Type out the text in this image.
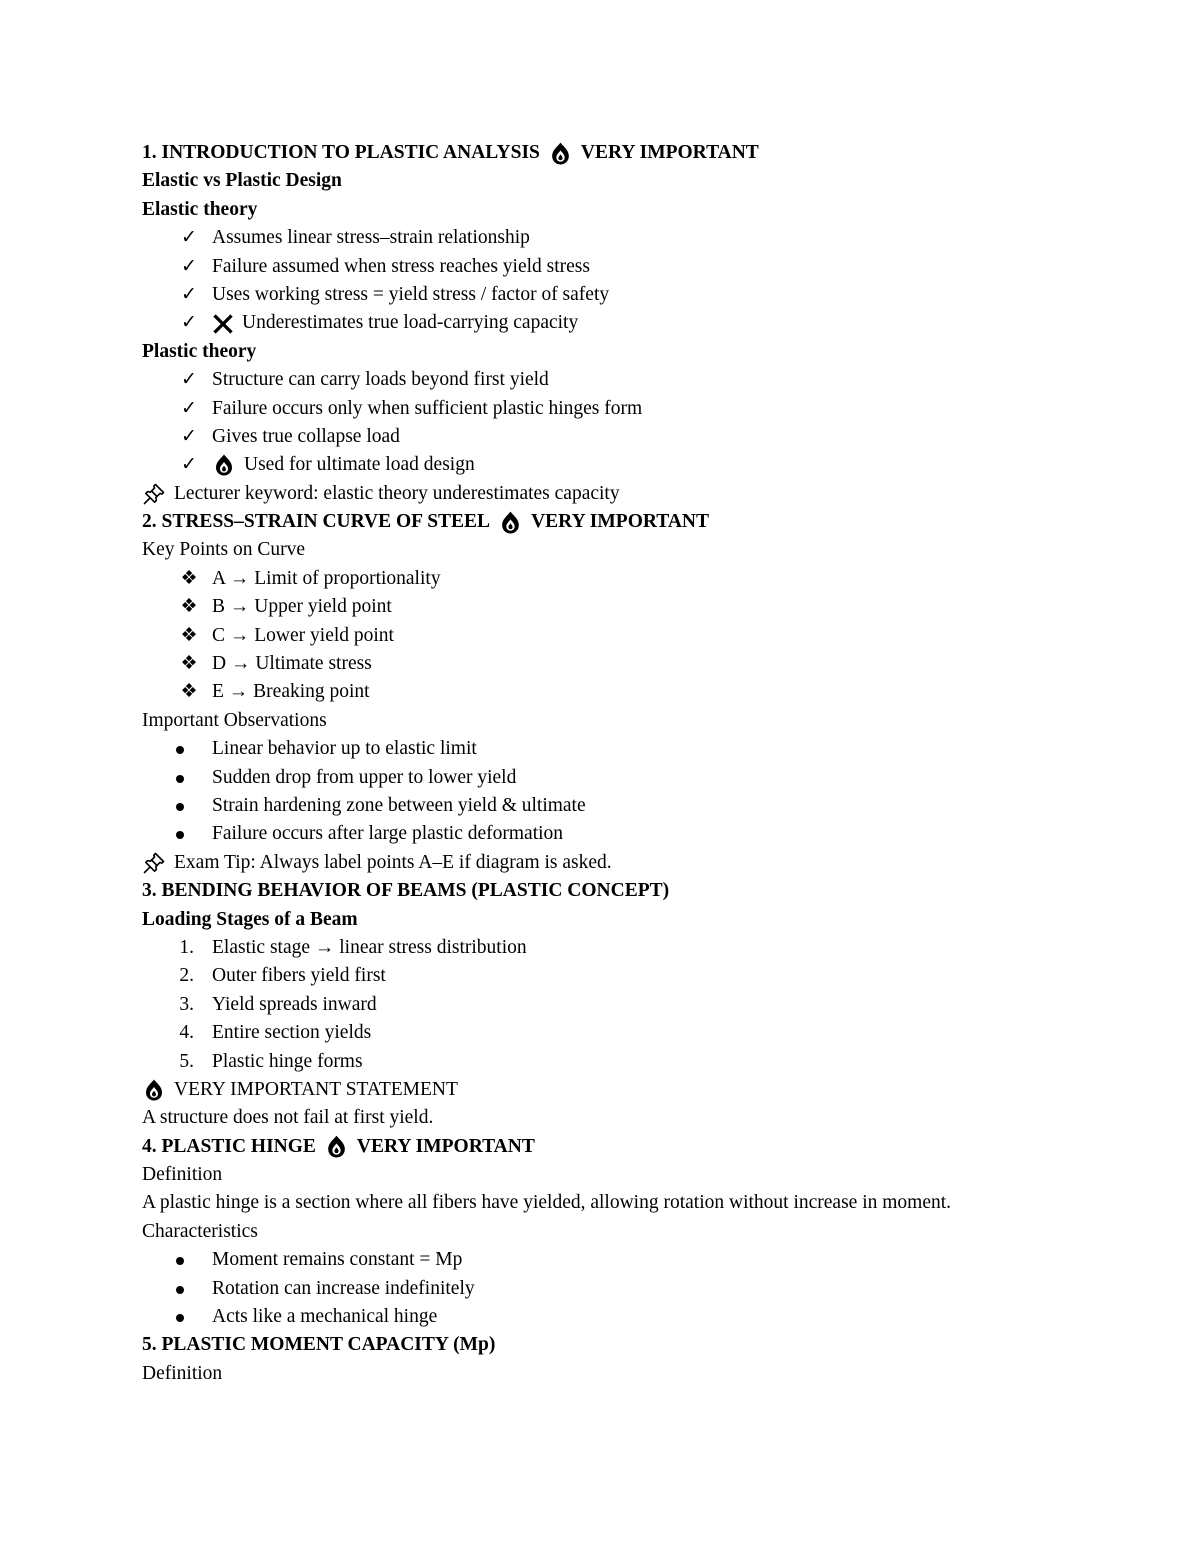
1. INTRODUCTION TO PLASTIC ANALYSIS VERY IMPORTANT
Elastic vs Plastic Design
Elastic theory
✓ Assumes linear stress–strain relationship
✓ Failure assumed when stress reaches yield stress
✓ Uses working stress = yield stress / factor of safety
✓ Underestimates true load-carrying capacity
Plastic theory
✓ Structure can carry loads beyond first yield
✓ Failure occurs only when sufficient plastic hinges form
✓ Gives true collapse load
✓ Used for ultimate load design
Lecturer keyword: elastic theory underestimates capacity
2. STRESS–STRAIN CURVE OF STEEL VERY IMPORTANT
Key Points on Curve
❖ A → Limit of proportionality
❖ B → Upper yield point
❖ C → Lower yield point
❖ D → Ultimate stress
❖ E → Breaking point
Important Observations
Linear behavior up to elastic limit
Sudden drop from upper to lower yield
Strain hardening zone between yield & ultimate
Failure occurs after large plastic deformation
Exam Tip: Always label points A–E if diagram is asked.
3. BENDING BEHAVIOR OF BEAMS (PLASTIC CONCEPT)
Loading Stages of a Beam
1. Elastic stage → linear stress distribution
2. Outer fibers yield first
3. Yield spreads inward
4. Entire section yields
5. Plastic hinge forms
VERY IMPORTANT STATEMENT
A structure does not fail at first yield.
4. PLASTIC HINGE VERY IMPORTANT
Definition
A plastic hinge is a section where all fibers have yielded, allowing rotation without increase in moment.
Characteristics
Moment remains constant = Mp
Rotation can increase indefinitely
Acts like a mechanical hinge
5. PLASTIC MOMENT CAPACITY (Mp)
Definition
